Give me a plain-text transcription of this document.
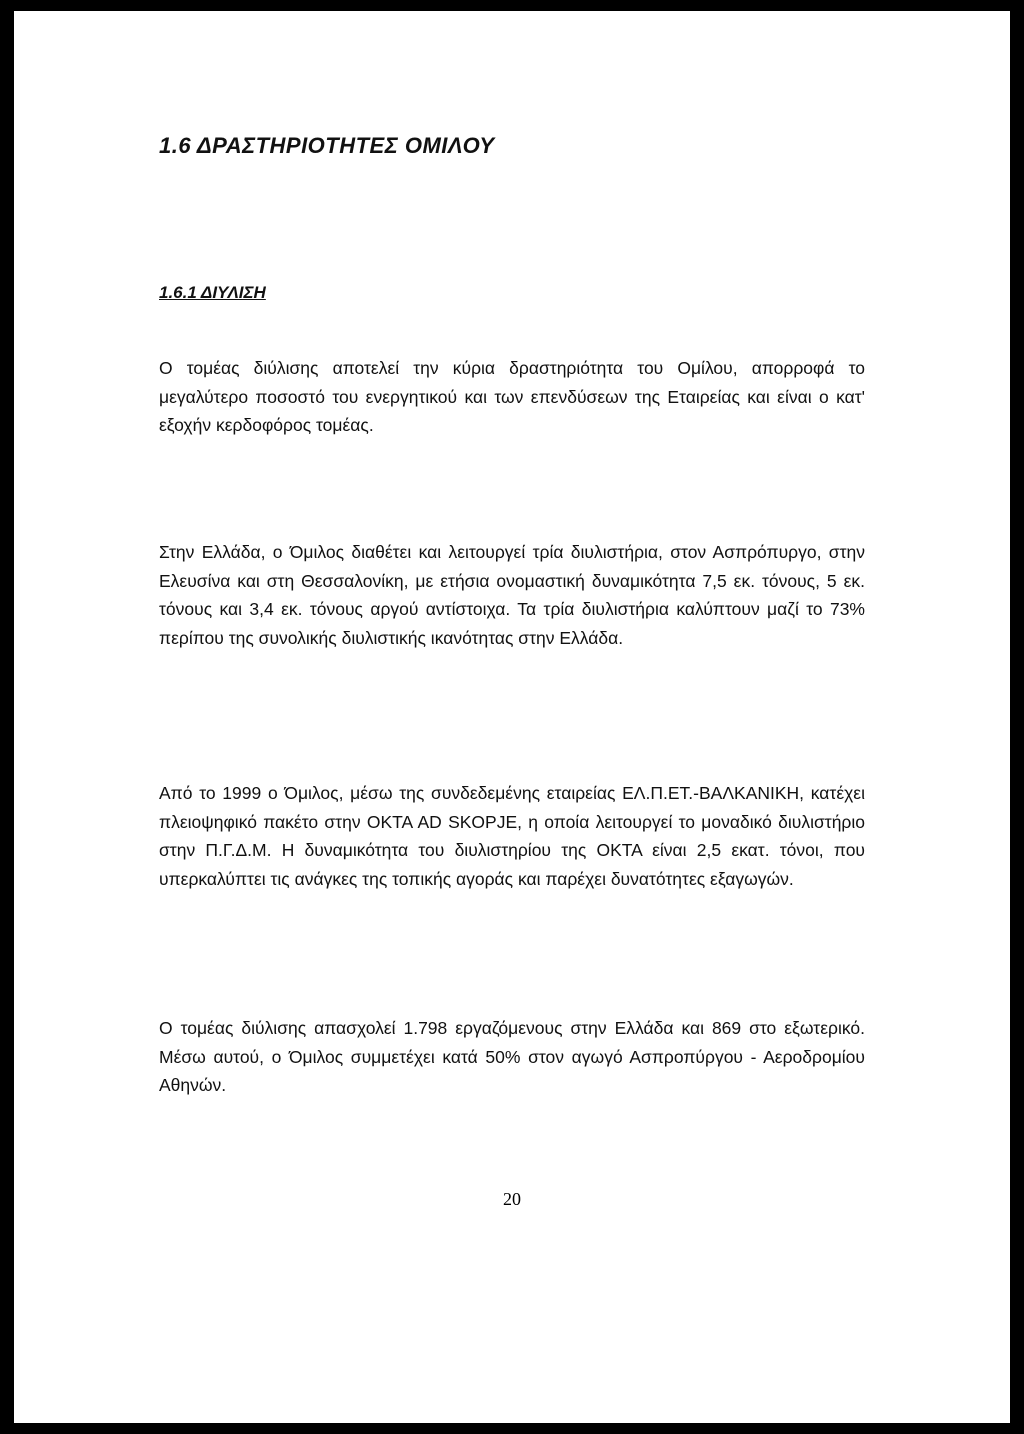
1.6 ΔΡΑΣΤΗΡΙΟΤΗΤΕΣ ΟΜΙΛΟΥ
1.6.1 ΔΙΥΛΙΣΗ

Ο τομέας διύλισης αποτελεί την κύρια δραστηριότητα του Ομίλου, απορροφά το μεγαλύτερο ποσοστό του ενεργητικού και των επενδύσεων της Εταιρείας και είναι ο κατ' εξοχήν κερδοφόρος τομέας.

Στην Ελλάδα, ο Όμιλος διαθέτει και λειτουργεί τρία διυλιστήρια, στον Ασπρόπυργο, στην Ελευσίνα και στη Θεσσαλονίκη, με ετήσια ονομαστική δυναμικότητα 7,5 εκ. τόνους, 5 εκ. τόνους και 3,4 εκ. τόνους αργού αντίστοιχα. Τα τρία διυλιστήρια καλύπτουν μαζί το 73% περίπου της συνολικής διυλιστικής ικανότητας στην Ελλάδα.

Από το 1999 ο Όμιλος, μέσω της συνδεδεμένης εταιρείας ΕΛ.Π.ΕΤ.-ΒΑΛΚΑΝΙΚΗ, κατέχει πλειοψηφικό πακέτο στην OKTA AD SKOPJE, η οποία λειτουργεί το μοναδικό διυλιστήριο στην Π.Γ.Δ.Μ. Η δυναμικότητα του διυλιστηρίου της OKTA είναι 2,5 εκατ. τόνοι, που υπερκαλύπτει τις ανάγκες της τοπικής αγοράς και παρέχει δυνατότητες εξαγωγών.

Ο τομέας διύλισης απασχολεί 1.798 εργαζόμενους στην Ελλάδα και 869 στο εξωτερικό. Μέσω αυτού, ο Όμιλος συμμετέχει κατά 50% στον αγωγό Ασπροπύργου - Αεροδρομίου Αθηνών.

20
